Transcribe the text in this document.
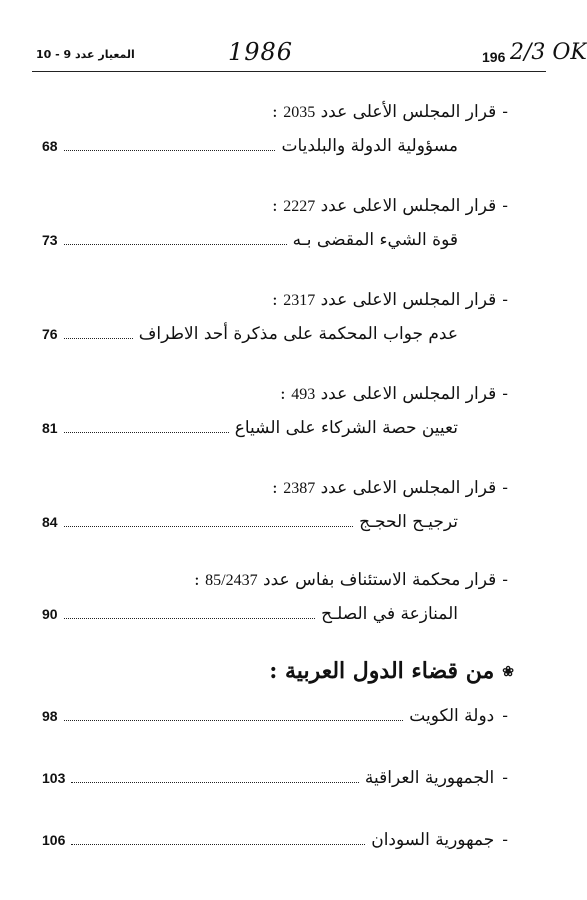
المعيار عدد 9 - 10	1986	196 2/3 OK
-قرار المجلس الأعلى عدد 2035 :
مسؤولية الدولة والبلديات
68
-قرار المجلس الاعلى عدد 2227 :
قوة الشيء المقضى بـه
73
-قرار المجلس الاعلى عدد 2317 :
عدم جواب المحكمة على مذكرة أحد الاطراف
76
-قرار المجلس الاعلى عدد 493 :
تعيين حصة الشركاء على الشياع
81
-قرار المجلس الاعلى عدد 2387 :
ترجيـح الحجـج
84
-قرار محكمة الاستئناف بفاس عدد 85/2437 :
المنازعة في الصلـح
90
❀من قضاء الدول العربية :
-
دولة الكويت
98
-
الجمهورية العراقية
103
-
جمهورية السودان
106
